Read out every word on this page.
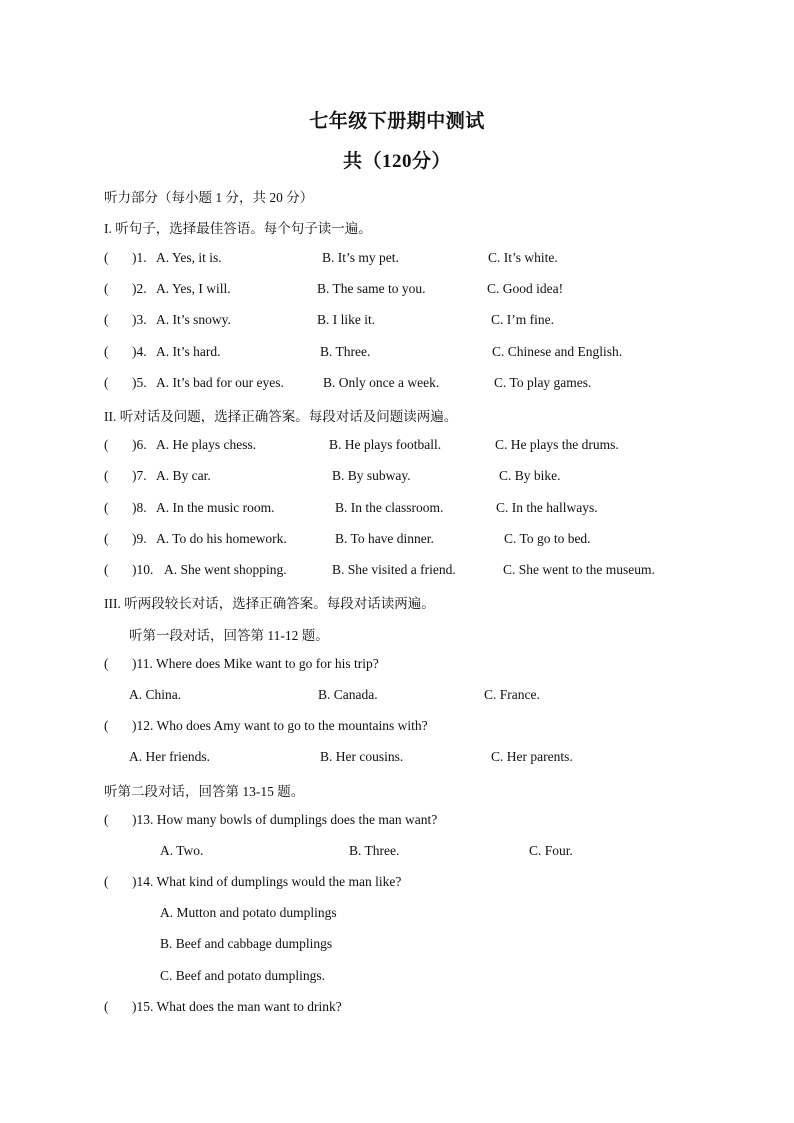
七年级下册期中测试
共（120分）
听力部分（每小题 1 分，共 20 分）
I. 听句子，选择最佳答语。每个句子读一遍。
( )1. A. Yes, it is.	B. It’s my pet.	C. It’s white.
( )2. A. Yes, I will.	B. The same to you.	C. Good idea!
( )3. A. It’s snowy.	B. I like it.	C. I’m fine.
( )4. A. It’s hard.	B. Three.	C. Chinese and English.
( )5. A. It’s bad for our eyes.	B. Only once a week.	C. To play games.
II. 听对话及问题，选择正确答案。每段对话及问题读两遍。
( )6. A. He plays chess.	B. He plays football.	C. He plays the drums.
( )7. A. By car.	B. By subway.	C. By bike.
( )8. A. In the music room.	B. In the classroom.	C. In the hallways.
( )9. A. To do his homework.	B. To have dinner.	C. To go to bed.
( )10. A. She went shopping.	B. She visited a friend.	C. She went to the museum.
III. 听两段较长对话，选择正确答案。每段对话读两遍。
听第一段对话，回答第 11-12 题。
( )11. Where does Mike want to go for his trip?
A. China.	B. Canada.	C. France.
( )12. Who does Amy want to go to the mountains with?
A. Her friends.	B. Her cousins.	C. Her parents.
听第二段对话，回答第 13-15 题。
( )13. How many bowls of dumplings does the man want?
A. Two.	B. Three.	C. Four.
( )14. What kind of dumplings would the man like?
A. Mutton and potato dumplings
B. Beef and cabbage dumplings
C. Beef and potato dumplings.
( )15. What does the man want to drink?
